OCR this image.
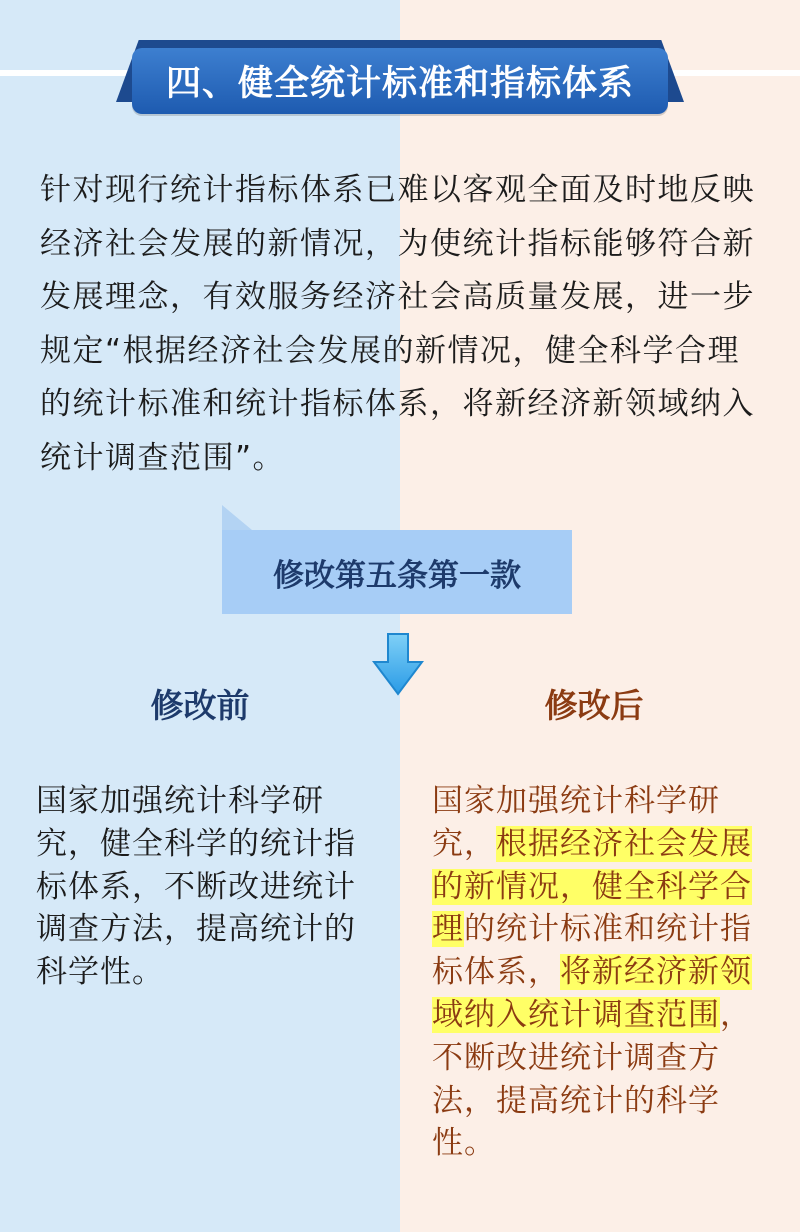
四、健全统计标准和指标体系
针对现行统计指标体系已难以客观全面及时地反映经济社会发展的新情况，为使统计指标能够符合新发展理念，有效服务经济社会高质量发展，进一步规定“根据经济社会发展的新情况，健全科学合理的统计标准和统计指标体系，将新经济新领域纳入统计调查范围”。
修改第五条第一款
修改前	修改后
国家加强统计科学研究，健全科学的统计指标体系，不断改进统计调查方法，提高统计的科学性。
国家加强统计科学研究，根据经济社会发展的新情况，健全科学合理的统计标准和统计指标体系，将新经济新领域纳入统计调查范围，不断改进统计调查方法，提高统计的科学性。
